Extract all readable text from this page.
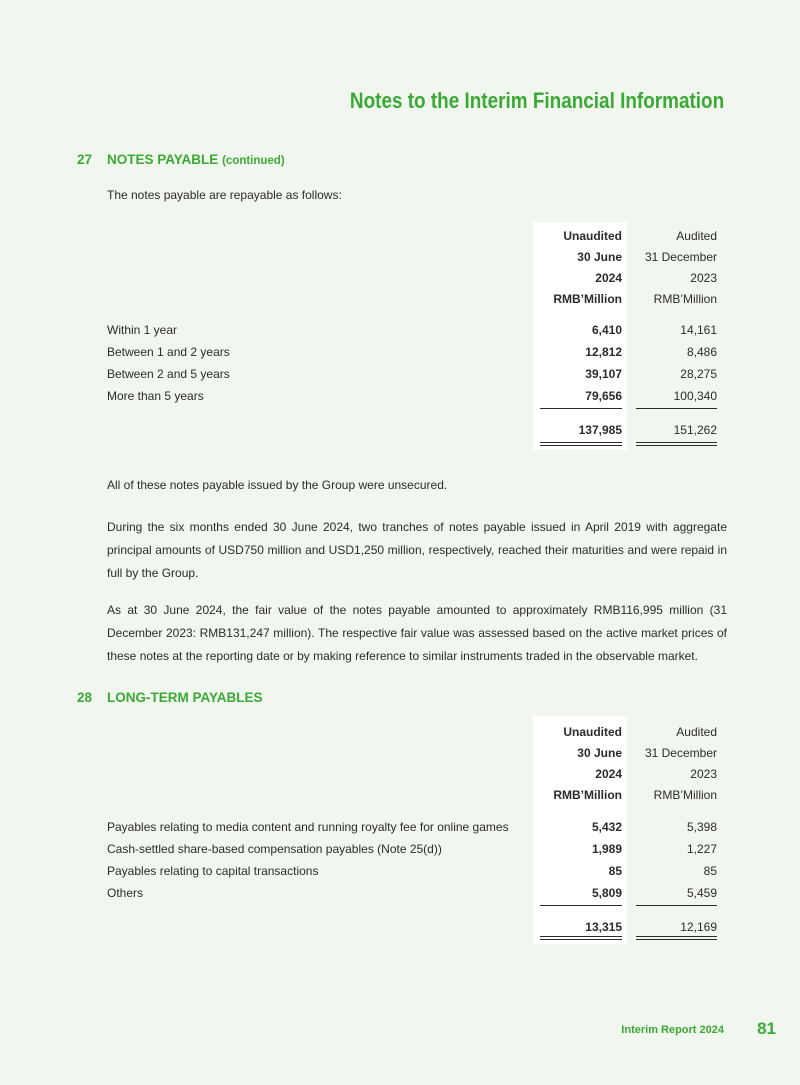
Notes to the Interim Financial Information
27 NOTES PAYABLE (continued)
The notes payable are repayable as follows:
Unaudited	Audited
30 June 31 December
2024	2023
RMB’Million	RMB’Million
Within 1 year	6,410	14,161
Between 1 and 2 years	12,812	8,486
Between 2 and 5 years	39,107	28,275
More than 5 years	79,656	100,340
137,985	151,262
All of these notes payable issued by the Group were unsecured.
During the six months ended 30 June 2024, two tranches of notes payable issued in April 2019 with aggregate principal amounts of USD750 million and USD1,250 million, respectively, reached their maturities and were repaid in full by the Group.
As at 30 June 2024, the fair value of the notes payable amounted to approximately RMB116,995 million (31 December 2023: RMB131,247 million). The respective fair value was assessed based on the active market prices of these notes at the reporting date or by making reference to similar instruments traded in the observable market.
28 LONG-TERM PAYABLES
Unaudited	Audited
30 June 31 December
2024	2023
RMB’Million	RMB’Million
Payables relating to media content and running royalty fee for online games	5,432	5,398
Cash-settled share-based compensation payables (Note 25(d))	1,989	1,227
Payables relating to capital transactions	85	85
Others	5,809	5,459
13,315	12,169
Interim Report 2024 81
